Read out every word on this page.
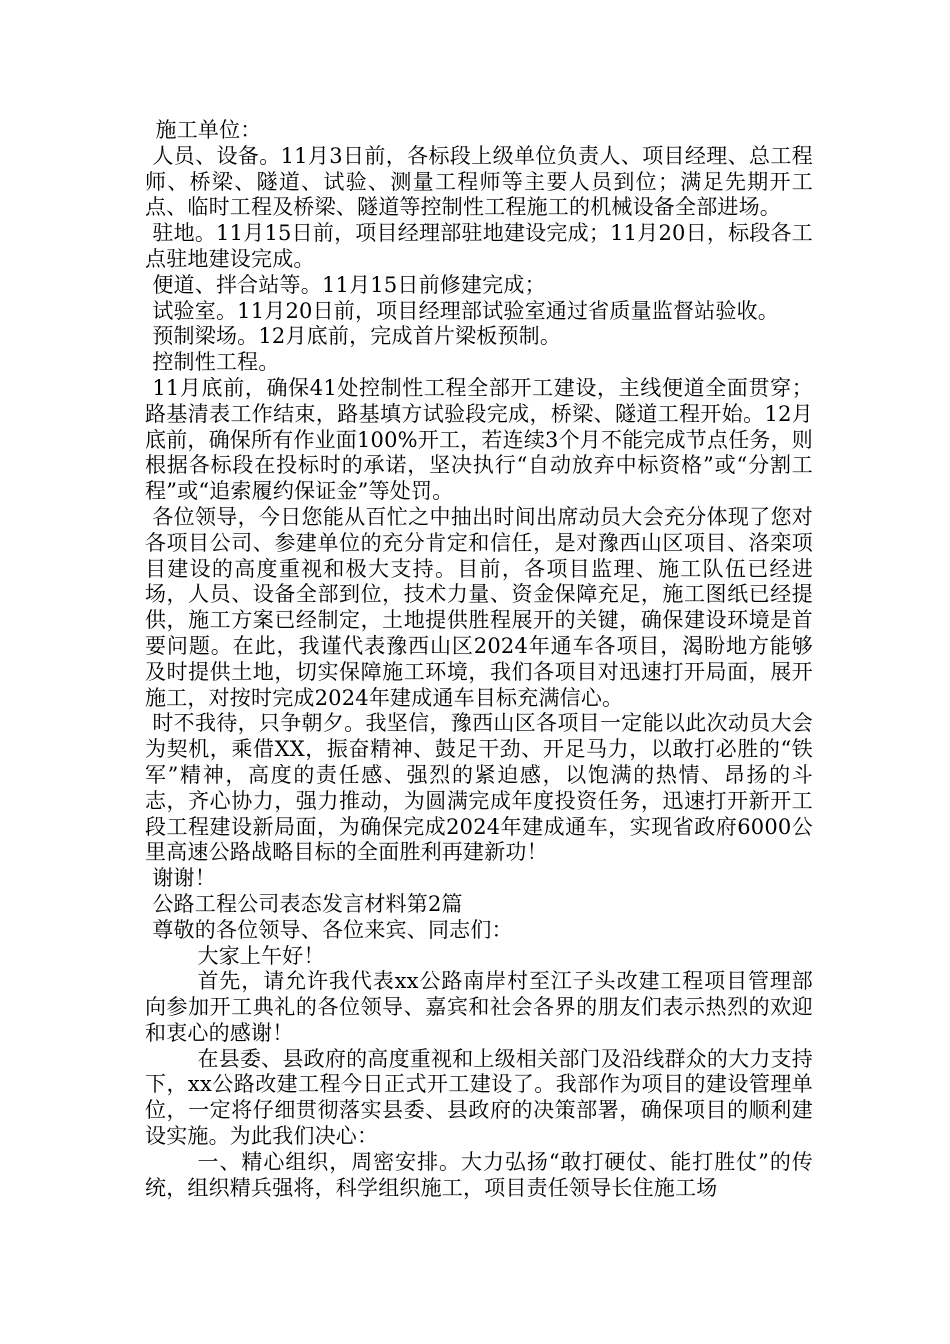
施工单位：

人员、设备。11月3日前，各标段上级单位负责人、项目经理、总工程师、桥梁、隧道、试验、测量工程师等主要人员到位；满足先期开工点、临时工程及桥梁、隧道等控制性工程施工的机械设备全部进场。

驻地。11月15日前，项目经理部驻地建设完成；11月20日，标段各工点驻地建设完成。

便道、拌合站等。11月15日前修建完成；

试验室。11月20日前，项目经理部试验室通过省质量监督站验收。

预制梁场。12月底前，完成首片梁板预制。

控制性工程。

11月底前，确保41处控制性工程全部开工建设，主线便道全面贯穿；路基清表工作结束，路基填方试验段完成，桥梁、隧道工程开始。12月底前，确保所有作业面100%开工，若连续3个月不能完成节点任务，则根据各标段在投标时的承诺，坚决执行“自动放弃中标资格”或“分割工程”或“追索履约保证金”等处罚。

各位领导，今日您能从百忙之中抽出时间出席动员大会充分体现了您对各项目公司、参建单位的充分肯定和信任，是对豫西山区项目、洛栾项目建设的高度重视和极大支持。目前，各项目监理、施工队伍已经进场，人员、设备全部到位，技术力量、资金保障充足，施工图纸已经提供，施工方案已经制定，土地提供胜程展开的关键，确保建设环境是首要问题。在此，我谨代表豫西山区2024年通车各项目，渴盼地方能够及时提供土地，切实保障施工环境，我们各项目对迅速打开局面，展开施工，对按时完成2024年建成通车目标充满信心。

时不我待，只争朝夕。我坚信，豫西山区各项目一定能以此次动员大会为契机，乘借XX，振奋精神、鼓足干劲、开足马力，以敢打必胜的“铁军”精神，高度的责任感、强烈的紧迫感，以饱满的热情、昂扬的斗志，齐心协力，强力推动，为圆满完成年度投资任务，迅速打开新开工段工程建设新局面，为确保完成2024年建成通车，实现省政府6000公里高速公路战略目标的全面胜利再建新功！

谢谢！

公路工程公司表态发言材料第2篇

尊敬的各位领导、各位来宾、同志们：

大家上午好！

首先，请允许我代表xx公路南岸村至江子头改建工程项目管理部向参加开工典礼的各位领导、嘉宾和社会各界的朋友们表示热烈的欢迎和衷心的感谢！

在县委、县政府的高度重视和上级相关部门及沿线群众的大力支持下，xx公路改建工程今日正式开工建设了。我部作为项目的建设管理单位，一定将仔细贯彻落实县委、县政府的决策部署，确保项目的顺利建设实施。为此我们决心：

一、精心组织，周密安排。大力弘扬“敢打硬仗、能打胜仗”的传统，组织精兵强将，科学组织施工，项目责任领导长住施工场
